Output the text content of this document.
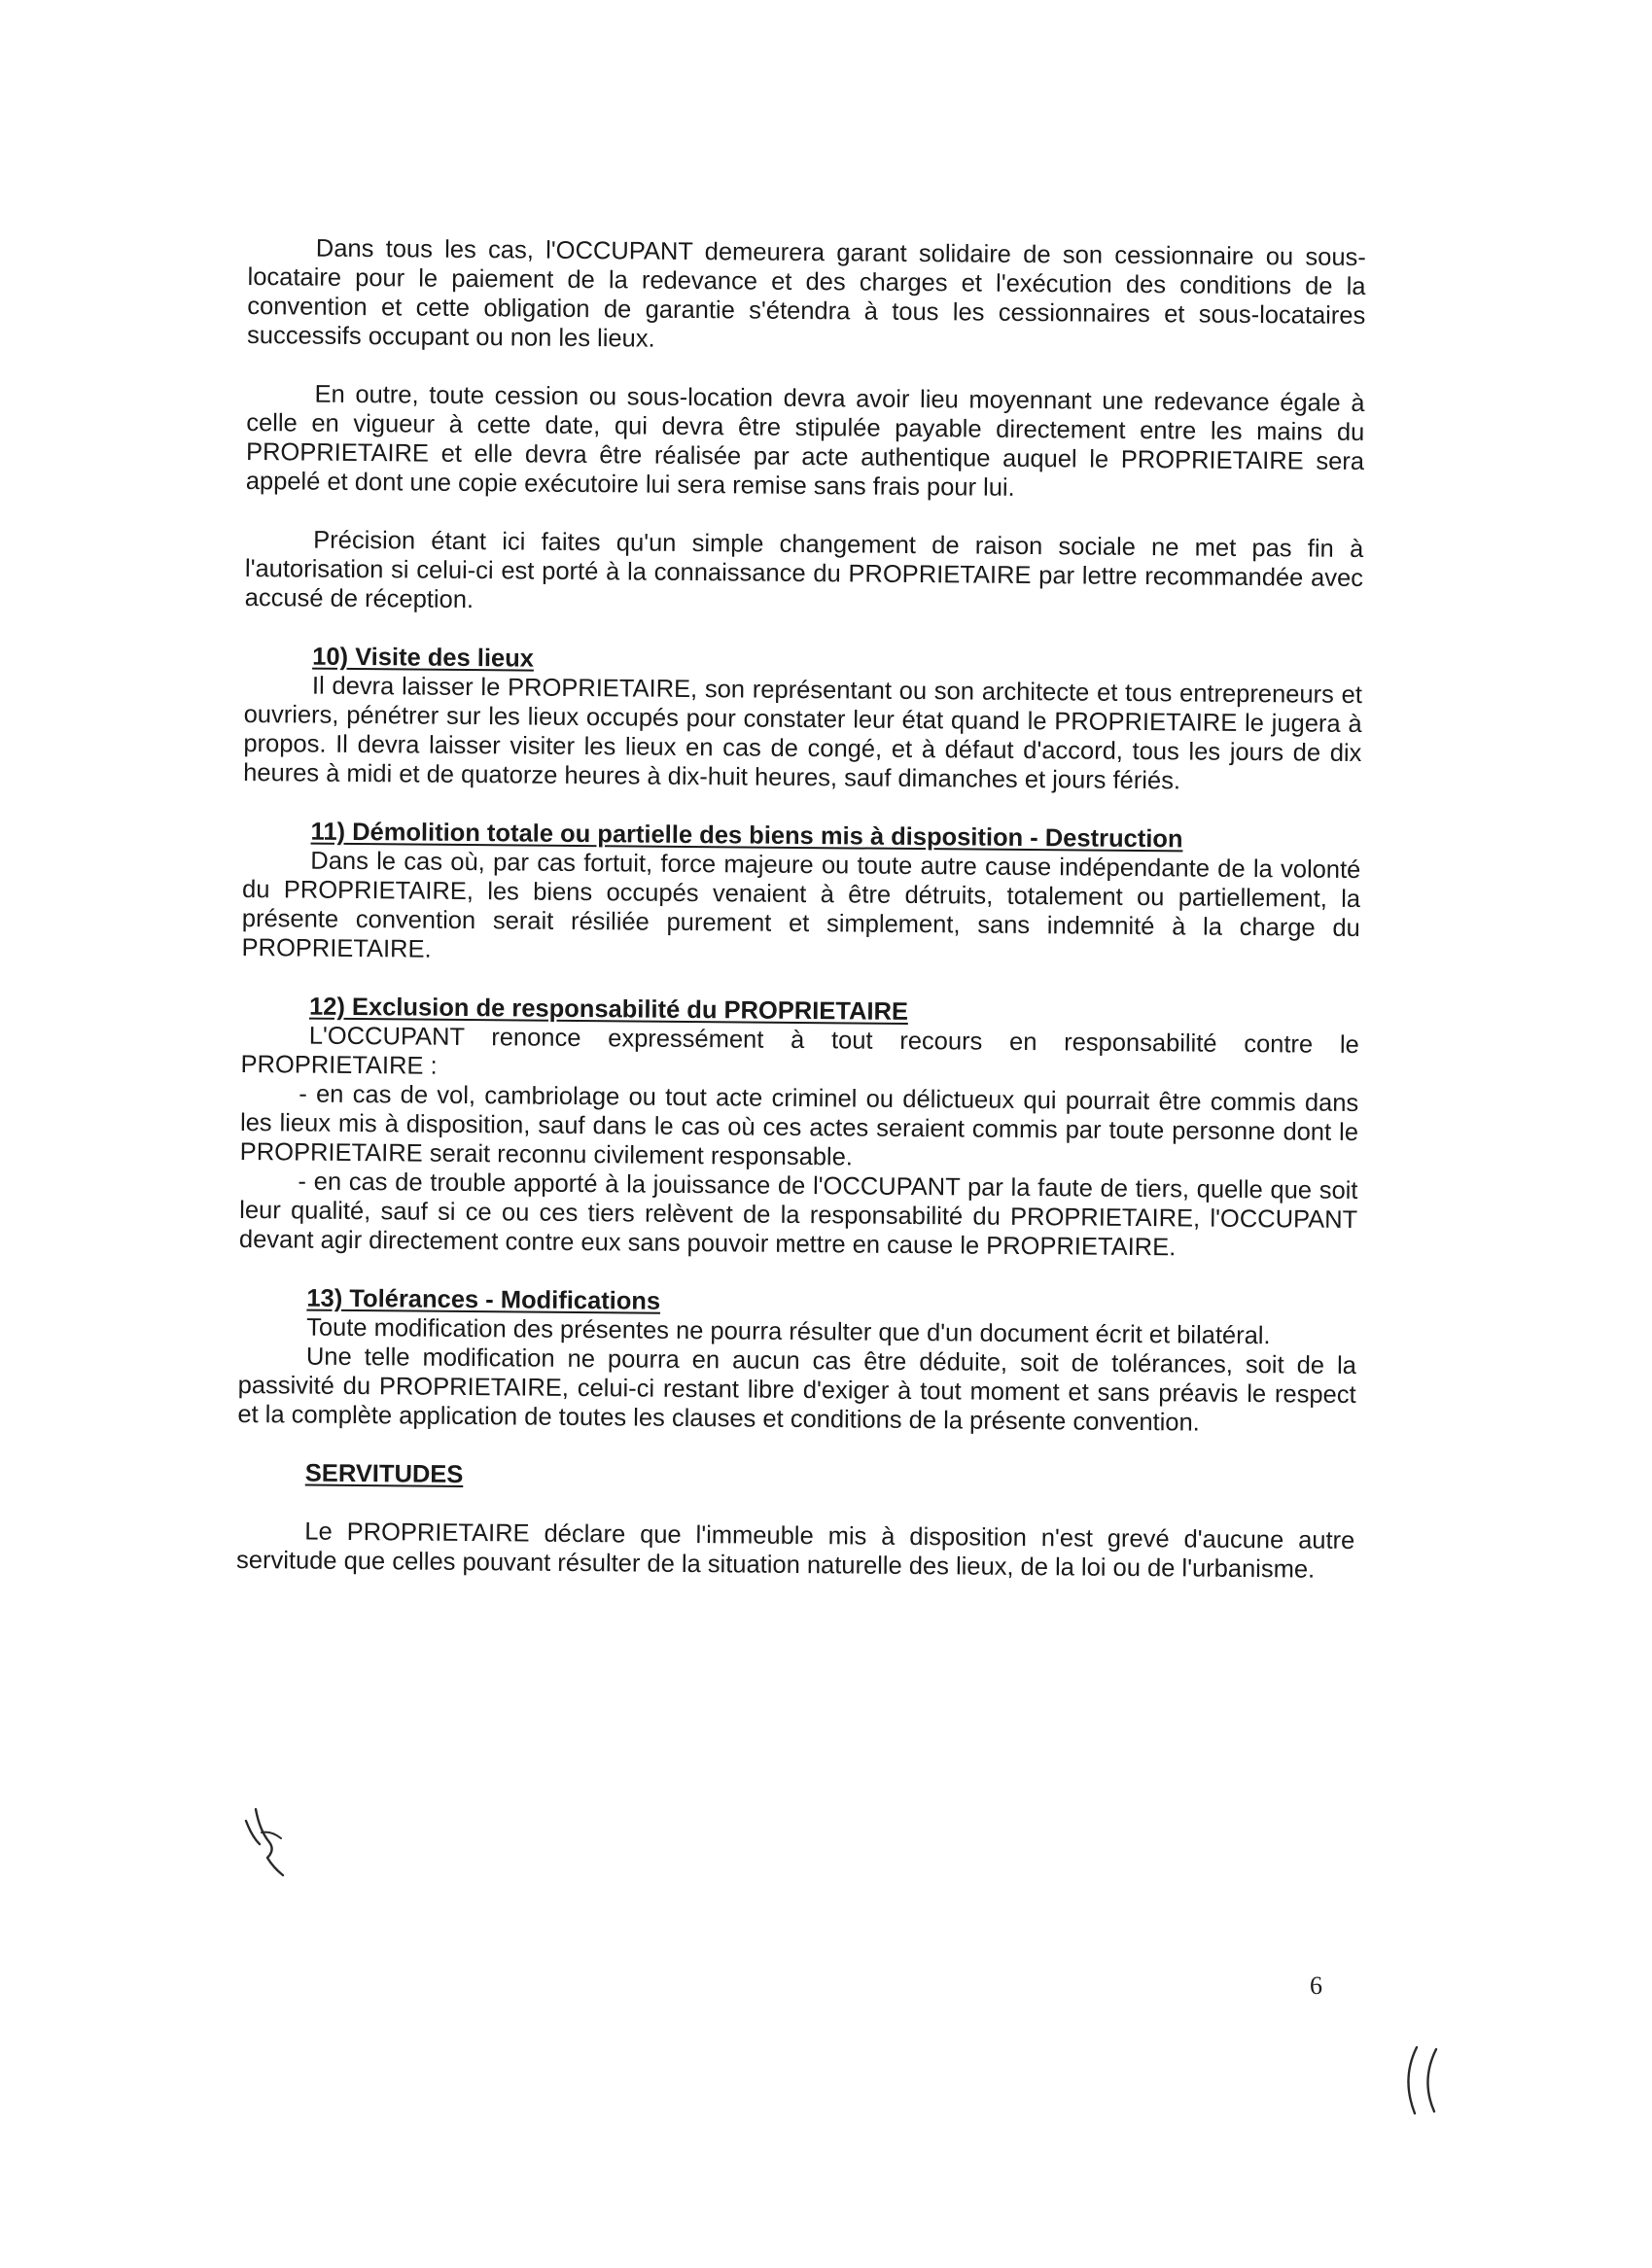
Dans tous les cas, l'OCCUPANT demeurera garant solidaire de son cessionnaire ou sous-locataire pour le paiement de la redevance et des charges et l'exécution des conditions de la convention et cette obligation de garantie s'étendra à tous les cessionnaires et sous-locataires successifs occupant ou non les lieux.

En outre, toute cession ou sous-location devra avoir lieu moyennant une redevance égale à celle en vigueur à cette date, qui devra être stipulée payable directement entre les mains du PROPRIETAIRE et elle devra être réalisée par acte authentique auquel le PROPRIETAIRE sera appelé et dont une copie exécutoire lui sera remise sans frais pour lui.

Précision étant ici faites qu'un simple changement de raison sociale ne met pas fin à l'autorisation si celui-ci est porté à la connaissance du PROPRIETAIRE par lettre recommandée avec accusé de réception.

10) Visite des lieux

Il devra laisser le PROPRIETAIRE, son représentant ou son architecte et tous entrepreneurs et ouvriers, pénétrer sur les lieux occupés pour constater leur état quand le PROPRIETAIRE le jugera à propos. Il devra laisser visiter les lieux en cas de congé, et à défaut d'accord, tous les jours de dix heures à midi et de quatorze heures à dix-huit heures, sauf dimanches et jours fériés.

11) Démolition totale ou partielle des biens mis à disposition - Destruction

Dans le cas où, par cas fortuit, force majeure ou toute autre cause indépendante de la volonté du PROPRIETAIRE, les biens occupés venaient à être détruits, totalement ou partiellement, la présente convention serait résiliée purement et simplement, sans indemnité à la charge du PROPRIETAIRE.

12) Exclusion de responsabilité du PROPRIETAIRE

L'OCCUPANT renonce expressément à tout recours en responsabilité contre le PROPRIETAIRE :

- en cas de vol, cambriolage ou tout acte criminel ou délictueux qui pourrait être commis dans les lieux mis à disposition, sauf dans le cas où ces actes seraient commis par toute personne dont le PROPRIETAIRE serait reconnu civilement responsable.

- en cas de trouble apporté à la jouissance de l'OCCUPANT par la faute de tiers, quelle que soit leur qualité, sauf si ce ou ces tiers relèvent de la responsabilité du PROPRIETAIRE, l'OCCUPANT devant agir directement contre eux sans pouvoir mettre en cause le PROPRIETAIRE.

13) Tolérances - Modifications

Toute modification des présentes ne pourra résulter que d'un document écrit et bilatéral.

Une telle modification ne pourra en aucun cas être déduite, soit de tolérances, soit de la passivité du PROPRIETAIRE, celui-ci restant libre d'exiger à tout moment et sans préavis le respect et la complète application de toutes les clauses et conditions de la présente convention.

SERVITUDES

Le PROPRIETAIRE déclare que l'immeuble mis à disposition n'est grevé d'aucune autre servitude que celles pouvant résulter de la situation naturelle des lieux, de la loi ou de l'urbanisme.

6
